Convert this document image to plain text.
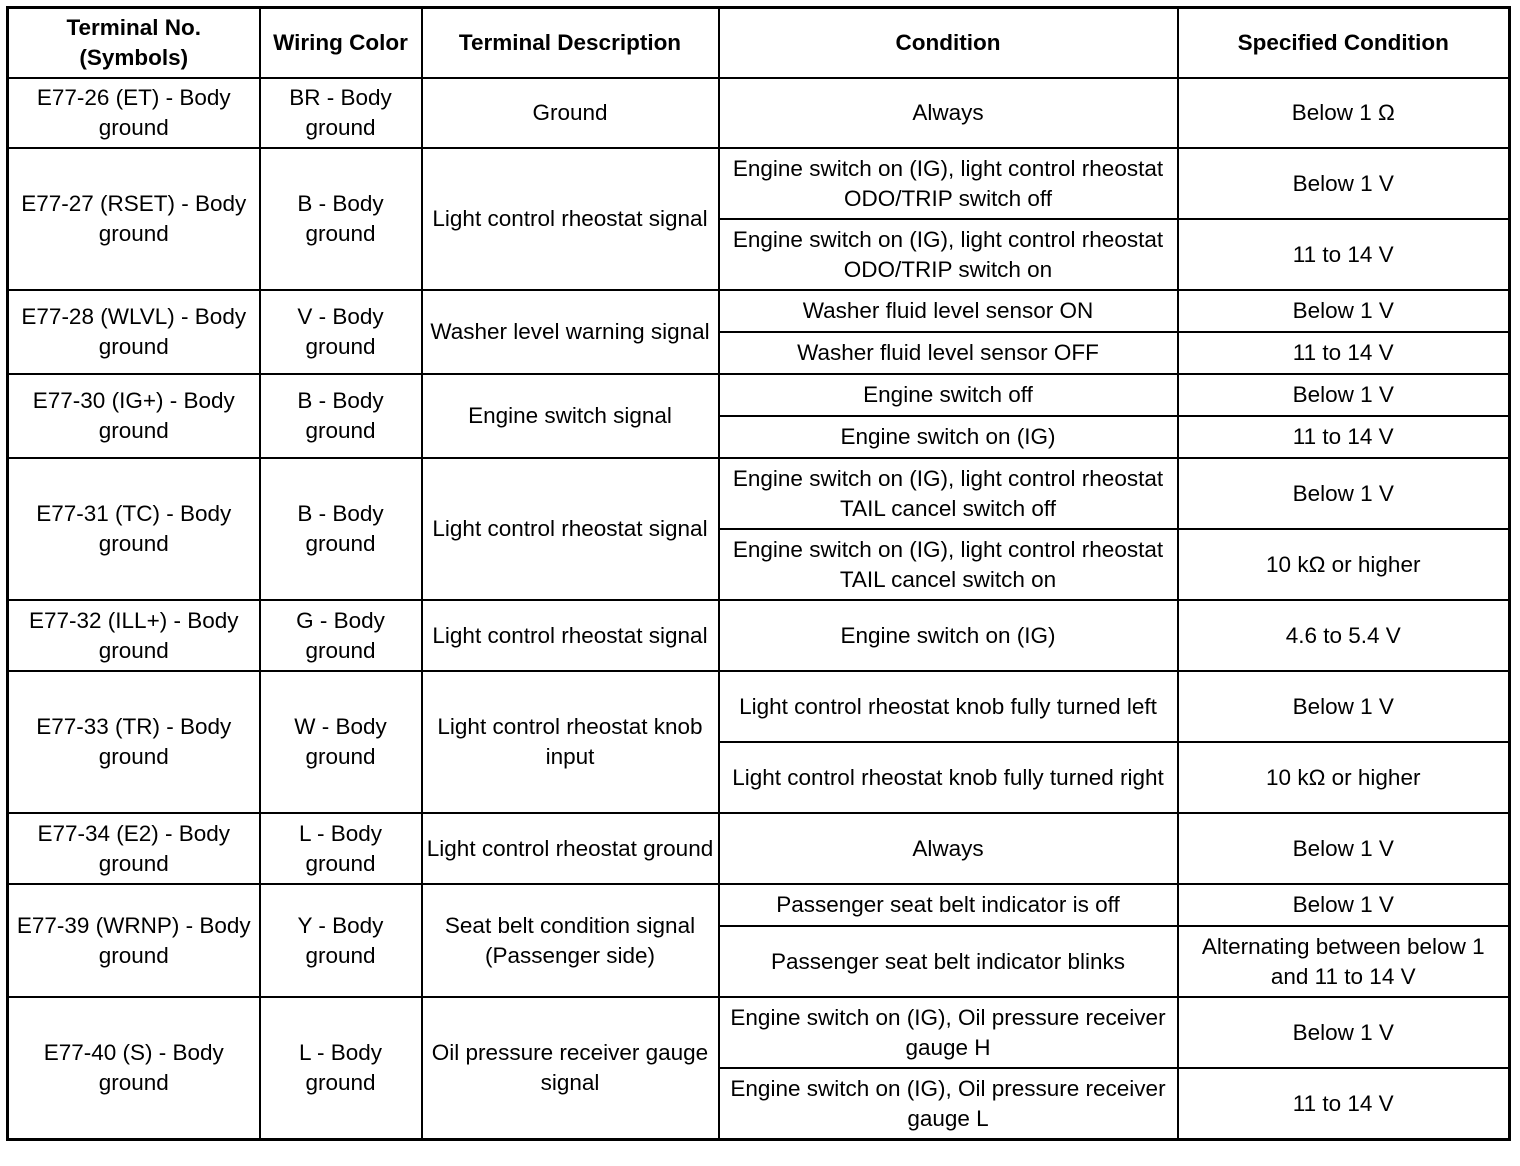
Terminal No. (Symbols)	Wiring Color	Terminal Description	Condition	Specified Condition
E77-26 (ET) - Body ground	BR - Body ground	Ground	Always	Below 1 Ω
E77-27 (RSET) - Body ground	B - Body ground	Light control rheostat signal	Engine switch on (IG), light control rheostat ODO/TRIP switch off	Below 1 V
			Engine switch on (IG), light control rheostat ODO/TRIP switch on	11 to 14 V
E77-28 (WLVL) - Body ground	V - Body ground	Washer level warning signal	Washer fluid level sensor ON	Below 1 V
			Washer fluid level sensor OFF	11 to 14 V
E77-30 (IG+) - Body ground	B - Body ground	Engine switch signal	Engine switch off	Below 1 V
			Engine switch on (IG)	11 to 14 V
E77-31 (TC) - Body ground	B - Body ground	Light control rheostat signal	Engine switch on (IG), light control rheostat TAIL cancel switch off	Below 1 V
			Engine switch on (IG), light control rheostat TAIL cancel switch on	10 kΩ or higher
E77-32 (ILL+) - Body ground	G - Body ground	Light control rheostat signal	Engine switch on (IG)	4.6 to 5.4 V
E77-33 (TR) - Body ground	W - Body ground	Light control rheostat knob input	Light control rheostat knob fully turned left	Below 1 V
			Light control rheostat knob fully turned right	10 kΩ or higher
E77-34 (E2) - Body ground	L - Body ground	Light control rheostat ground	Always	Below 1 V
E77-39 (WRNP) - Body ground	Y - Body ground	Seat belt condition signal (Passenger side)	Passenger seat belt indicator is off	Below 1 V
			Passenger seat belt indicator blinks	Alternating between below 1 and 11 to 14 V
E77-40 (S) - Body ground	L - Body ground	Oil pressure receiver gauge signal	Engine switch on (IG), Oil pressure receiver gauge H	Below 1 V
			Engine switch on (IG), Oil pressure receiver gauge L	11 to 14 V
